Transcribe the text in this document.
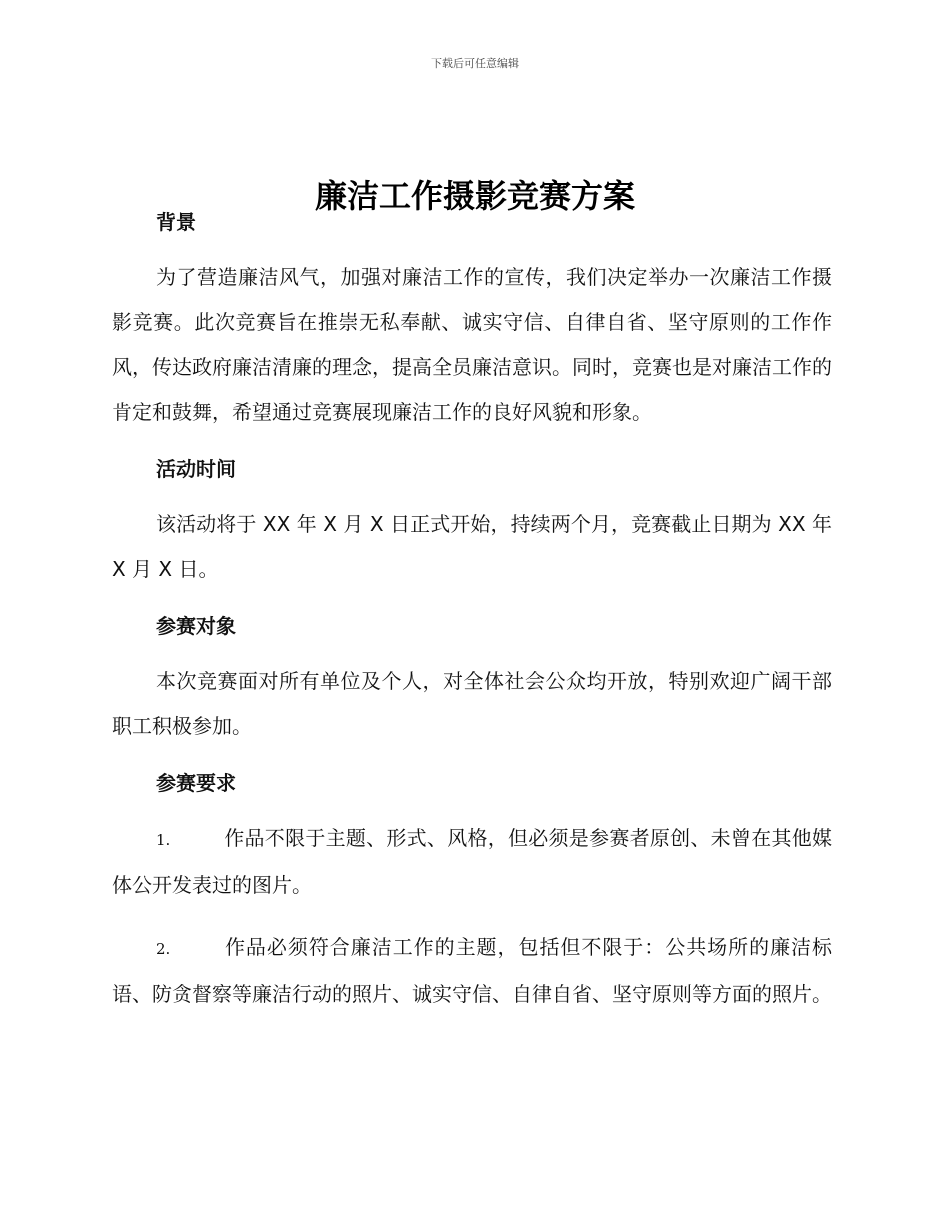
下载后可任意编辑
廉洁工作摄影竞赛方案
背景

为了营造廉洁风气，加强对廉洁工作的宣传，我们决定举办一次廉洁工作摄影竞赛。此次竞赛旨在推崇无私奉献、诚实守信、自律自省、坚守原则的工作作风，传达政府廉洁清廉的理念，提高全员廉洁意识。同时，竞赛也是对廉洁工作的肯定和鼓舞，希望通过竞赛展现廉洁工作的良好风貌和形象。

活动时间

该活动将于 XX 年 X 月 X 日正式开始，持续两个月，竞赛截止日期为 XX 年 X 月 X 日。

参赛对象

本次竞赛面对所有单位及个人，对全体社会公众均开放，特别欢迎广阔干部职工积极参加。

参赛要求

1.	作品不限于主题、形式、风格，但必须是参赛者原创、未曾在其他媒体公开发表过的图片。

2.	作品必须符合廉洁工作的主题，包括但不限于：公共场所的廉洁标语、防贪督察等廉洁行动的照片、诚实守信、自律自省、坚守原则等方面的照片。
